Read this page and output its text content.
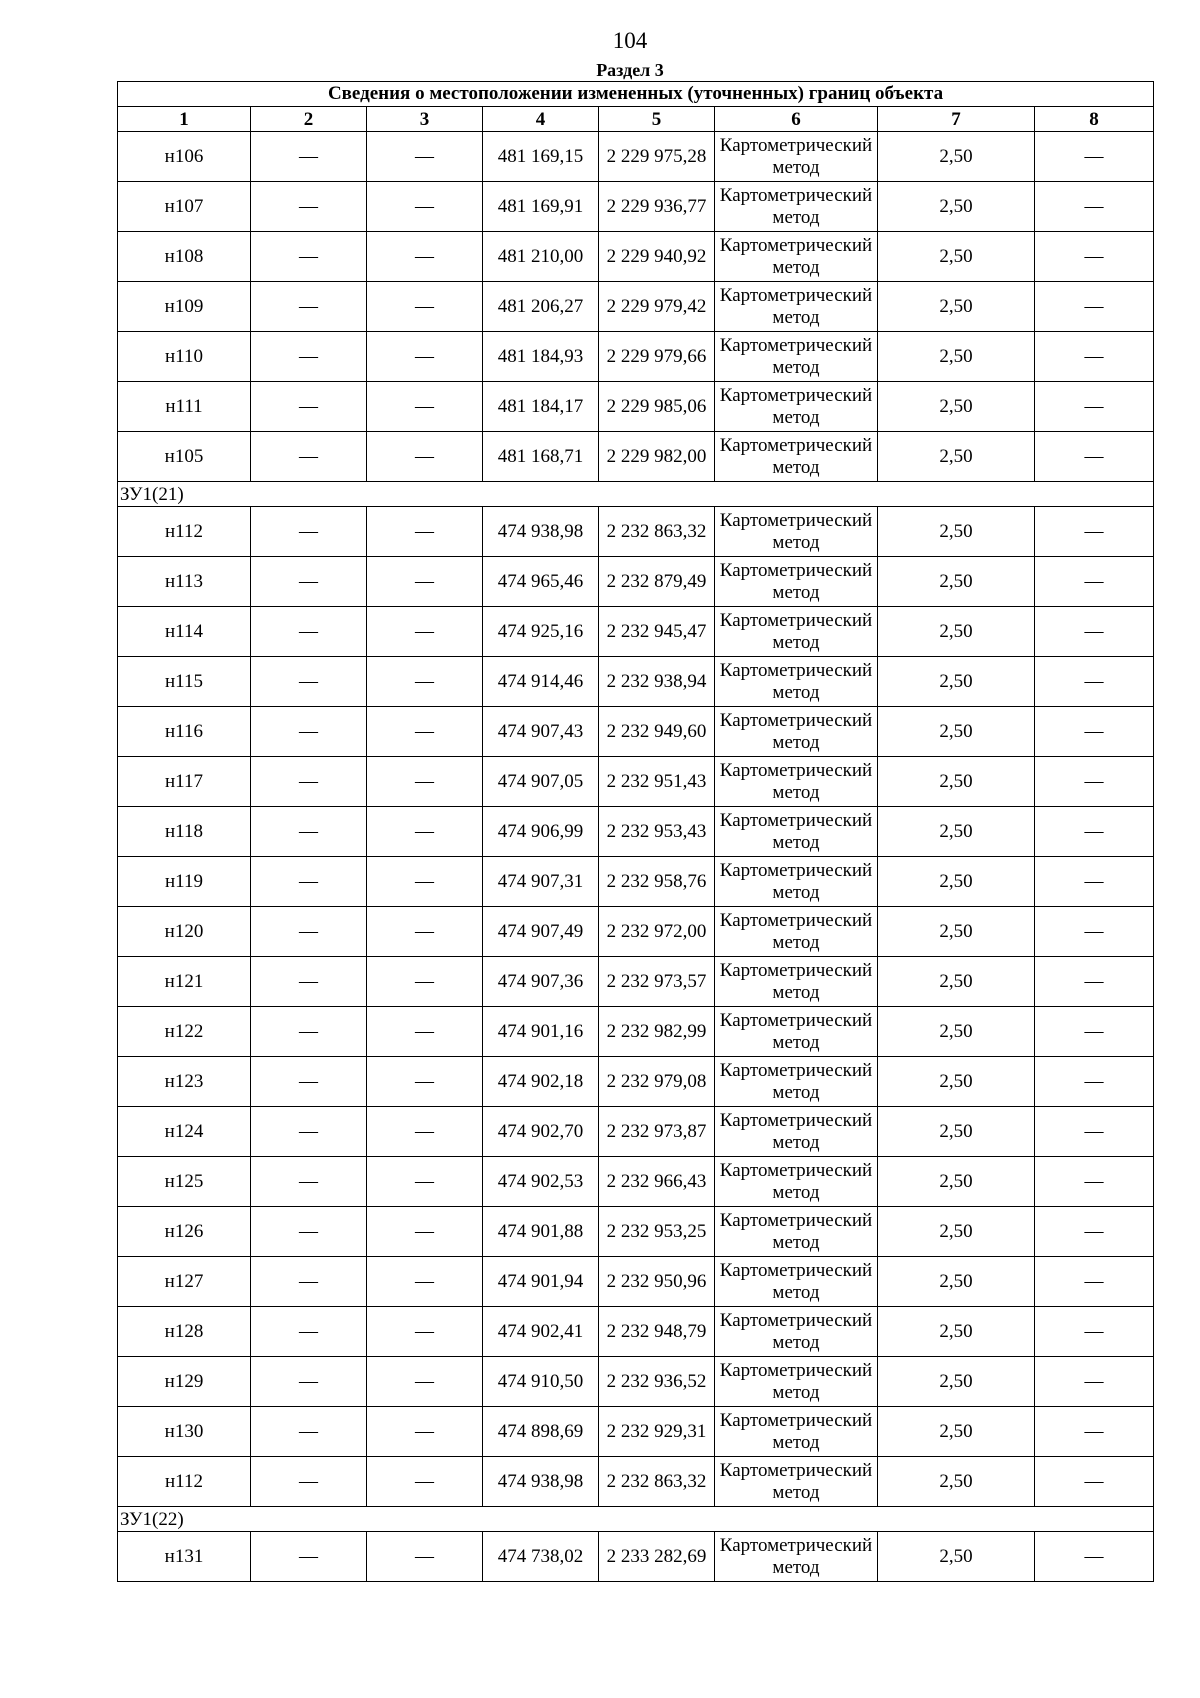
104
Раздел 3
Сведения о местоположении измененных (уточненных) границ объекта							
1	2	3	4	5	6	7	8
н106	—	—	481 169,15	2 229 975,28	Картометрический метод	2,50	—
н107	—	—	481 169,91	2 229 936,77	Картометрический метод	2,50	—
н108	—	—	481 210,00	2 229 940,92	Картометрический метод	2,50	—
н109	—	—	481 206,27	2 229 979,42	Картометрический метод	2,50	—
н110	—	—	481 184,93	2 229 979,66	Картометрический метод	2,50	—
н111	—	—	481 184,17	2 229 985,06	Картометрический метод	2,50	—
н105	—	—	481 168,71	2 229 982,00	Картометрический метод	2,50	—
ЗУ1(21)							
н112	—	—	474 938,98	2 232 863,32	Картометрический метод	2,50	—
н113	—	—	474 965,46	2 232 879,49	Картометрический метод	2,50	—
н114	—	—	474 925,16	2 232 945,47	Картометрический метод	2,50	—
н115	—	—	474 914,46	2 232 938,94	Картометрический метод	2,50	—
н116	—	—	474 907,43	2 232 949,60	Картометрический метод	2,50	—
н117	—	—	474 907,05	2 232 951,43	Картометрический метод	2,50	—
н118	—	—	474 906,99	2 232 953,43	Картометрический метод	2,50	—
н119	—	—	474 907,31	2 232 958,76	Картометрический метод	2,50	—
н120	—	—	474 907,49	2 232 972,00	Картометрический метод	2,50	—
н121	—	—	474 907,36	2 232 973,57	Картометрический метод	2,50	—
н122	—	—	474 901,16	2 232 982,99	Картометрический метод	2,50	—
н123	—	—	474 902,18	2 232 979,08	Картометрический метод	2,50	—
н124	—	—	474 902,70	2 232 973,87	Картометрический метод	2,50	—
н125	—	—	474 902,53	2 232 966,43	Картометрический метод	2,50	—
н126	—	—	474 901,88	2 232 953,25	Картометрический метод	2,50	—
н127	—	—	474 901,94	2 232 950,96	Картометрический метод	2,50	—
н128	—	—	474 902,41	2 232 948,79	Картометрический метод	2,50	—
н129	—	—	474 910,50	2 232 936,52	Картометрический метод	2,50	—
н130	—	—	474 898,69	2 232 929,31	Картометрический метод	2,50	—
н112	—	—	474 938,98	2 232 863,32	Картометрический метод	2,50	—
ЗУ1(22)							
н131	—	—	474 738,02	2 233 282,69	Картометрический метод	2,50	—
